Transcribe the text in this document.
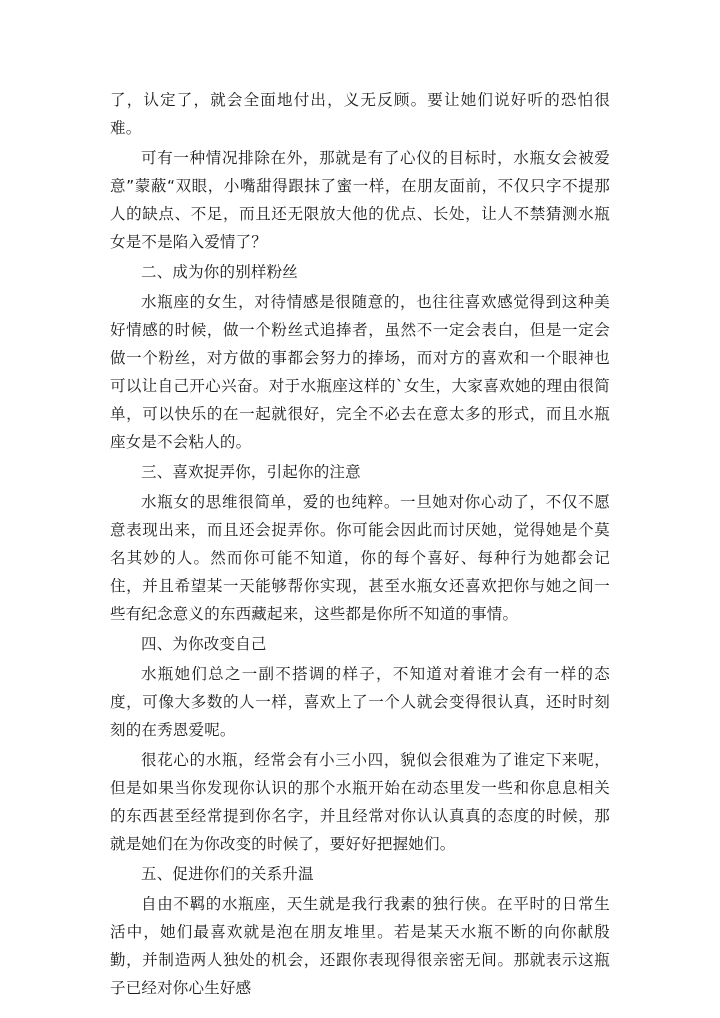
了，认定了，就会全面地付出，义无反顾。要让她们说好听的恐怕很难。

可有一种情况排除在外，那就是有了心仪的目标时，水瓶女会被爱意”蒙蔽“双眼，小嘴甜得跟抹了蜜一样，在朋友面前，不仅只字不提那人的缺点、不足，而且还无限放大他的优点、长处，让人不禁猜测水瓶女是不是陷入爱情了？

二、成为你的别样粉丝

水瓶座的女生，对待情感是很随意的，也往往喜欢感觉得到这种美好情感的时候，做一个粉丝式追捧者，虽然不一定会表白，但是一定会做一个粉丝，对方做的事都会努力的捧场，而对方的喜欢和一个眼神也可以让自己开心兴奋。对于水瓶座这样的`女生，大家喜欢她的理由很简单，可以快乐的在一起就很好，完全不必去在意太多的形式，而且水瓶座女是不会粘人的。

三、喜欢捉弄你，引起你的注意

水瓶女的思维很简单，爱的也纯粹。一旦她对你心动了，不仅不愿意表现出来，而且还会捉弄你。你可能会因此而讨厌她，觉得她是个莫名其妙的人。然而你可能不知道，你的每个喜好、每种行为她都会记住，并且希望某一天能够帮你实现，甚至水瓶女还喜欢把你与她之间一些有纪念意义的东西藏起来，这些都是你所不知道的事情。

四、为你改变自己

水瓶她们总之一副不搭调的样子，不知道对着谁才会有一样的态度，可像大多数的人一样，喜欢上了一个人就会变得很认真，还时时刻刻的在秀恩爱呢。

很花心的水瓶，经常会有小三小四，貌似会很难为了谁定下来呢，但是如果当你发现你认识的那个水瓶开始在动态里发一些和你息息相关的东西甚至经常提到你名字，并且经常对你认认真真的态度的时候，那就是她们在为你改变的时候了，要好好把握她们。

五、促进你们的关系升温

自由不羁的水瓶座，天生就是我行我素的独行侠。在平时的日常生活中，她们最喜欢就是泡在朋友堆里。若是某天水瓶不断的向你献殷勤，并制造两人独处的机会，还跟你表现得很亲密无间。那就表示这瓶子已经对你心生好感
